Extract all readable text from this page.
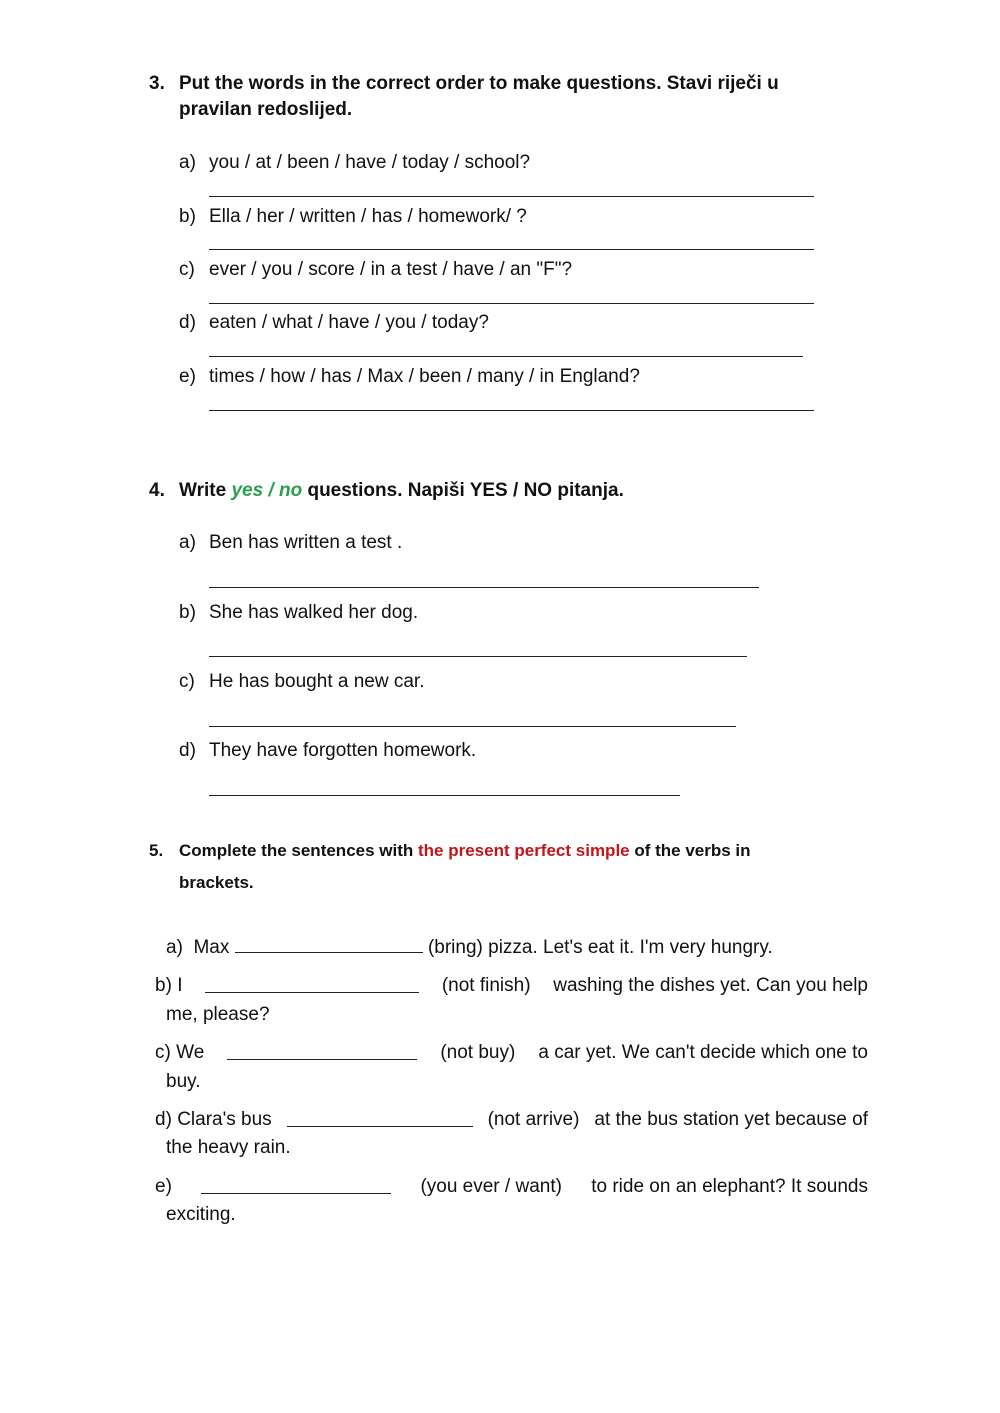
3. Put the words in the correct order to make questions. Stavi riječi u
pravilan redoslijed.
a) you / at / been / have / today / school?
b) Ella / her / written / has / homework/ ?
c) ever / you / score / in a test / have / an "F"?
d) eaten / what / have / you / today?
e) times / how / has / Max / been / many / in England?
4. Write yes / no questions. Napiši YES / NO pitanja.
a) Ben has written a test .
b) She has walked her dog.
c) He has bought a new car.
d) They have forgotten homework.
5. Complete the sentences with the present perfect simple of the verbs in
brackets.
a) Max	(bring) pizza. Let's eat it. I'm very hungry.
b) I	(not finish) washing the dishes yet. Can you help
me, please?
c) We	(not buy) a car yet. We can't decide which one to
buy.
d) Clara's bus	(not arrive) at the bus station yet because of
the heavy rain.
e)	(you ever / want) to ride on an elephant? It sounds
exciting.
